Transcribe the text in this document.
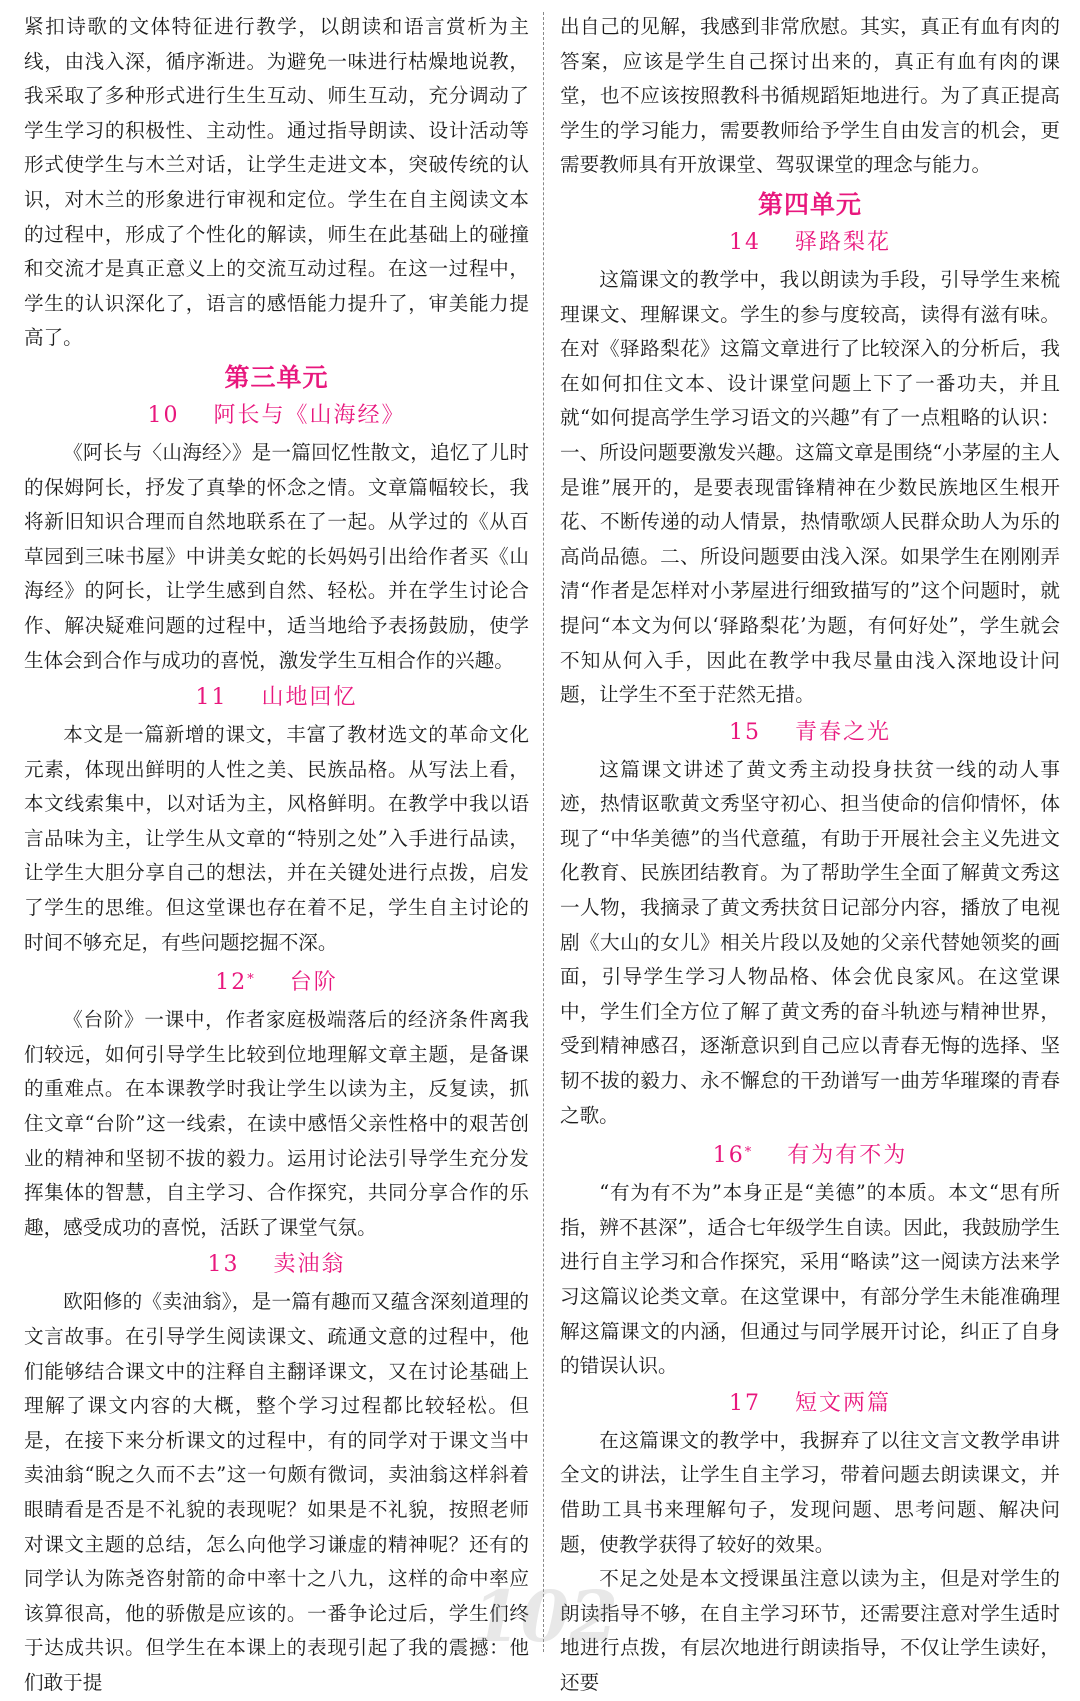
紧扣诗歌的文体特征进行教学，以朗读和语言赏析为主线，由浅入深，循序渐进。为避免一味进行枯燥地说教，我采取了多种形式进行生生互动、师生互动，充分调动了学生学习的积极性、主动性。通过指导朗读、设计活动等形式使学生与木兰对话，让学生走进文本，突破传统的认识，对木兰的形象进行审视和定位。学生在自主阅读文本的过程中，形成了个性化的解读，师生在此基础上的碰撞和交流才是真正意义上的交流互动过程。在这一过程中，学生的认识深化了，语言的感悟能力提升了，审美能力提高了。

第三单元
10 阿长与《山海经》

《阿长与〈山海经〉》是一篇回忆性散文，追忆了儿时的保姆阿长，抒发了真挚的怀念之情。文章篇幅较长，我将新旧知识合理而自然地联系在了一起。从学过的《从百草园到三味书屋》中讲美女蛇的长妈妈引出给作者买《山海经》的阿长，让学生感到自然、轻松。并在学生讨论合作、解决疑难问题的过程中，适当地给予表扬鼓励，使学生体会到合作与成功的喜悦，激发学生互相合作的兴趣。

11 山地回忆

本文是一篇新增的课文，丰富了教材选文的革命文化元素，体现出鲜明的人性之美、民族品格。从写法上看，本文线索集中，以对话为主，风格鲜明。在教学中我以语言品味为主，让学生从文章的“特别之处”入手进行品读，让学生大胆分享自己的想法，并在关键处进行点拨，启发了学生的思维。但这堂课也存在着不足，学生自主讨论的时间不够充足，有些问题挖掘不深。

12* 台阶

《台阶》一课中，作者家庭极端落后的经济条件离我们较远，如何引导学生比较到位地理解文章主题，是备课的重难点。在本课教学时我让学生以读为主，反复读，抓住文章“台阶”这一线索，在读中感悟父亲性格中的艰苦创业的精神和坚韧不拔的毅力。运用讨论法引导学生充分发挥集体的智慧，自主学习、合作探究，共同分享合作的乐趣，感受成功的喜悦，活跃了课堂气氛。

13 卖油翁

欧阳修的《卖油翁》，是一篇有趣而又蕴含深刻道理的文言故事。在引导学生阅读课文、疏通文意的过程中，他们能够结合课文中的注释自主翻译课文，又在讨论基础上理解了课文内容的大概，整个学习过程都比较轻松。但是，在接下来分析课文的过程中，有的同学对于课文当中卖油翁“睨之久而不去”这一句颇有微词，卖油翁这样斜着眼睛看是否是不礼貌的表现呢？如果是不礼貌，按照老师对课文主题的总结，怎么向他学习谦虚的精神呢？还有的同学认为陈尧咨射箭的命中率十之八九，这样的命中率应该算很高，他的骄傲是应该的。一番争论过后，学生们终于达成共识。但学生在本课上的表现引起了我的震撼：他们敢于提

出自己的见解，我感到非常欣慰。其实，真正有血有肉的答案，应该是学生自己探讨出来的，真正有血有肉的课堂，也不应该按照教科书循规蹈矩地进行。为了真正提高学生的学习能力，需要教师给予学生自由发言的机会，更需要教师具有开放课堂、驾驭课堂的理念与能力。

第四单元
14 驿路梨花

这篇课文的教学中，我以朗读为手段，引导学生来梳理课文、理解课文。学生的参与度较高，读得有滋有味。在对《驿路梨花》这篇文章进行了比较深入的分析后，我在如何扣住文本、设计课堂问题上下了一番功夫，并且就“如何提高学生学习语文的兴趣”有了一点粗略的认识：一、所设问题要激发兴趣。这篇文章是围绕“小茅屋的主人是谁”展开的，是要表现雷锋精神在少数民族地区生根开花、不断传递的动人情景，热情歌颂人民群众助人为乐的高尚品德。二、所设问题要由浅入深。如果学生在刚刚弄清“作者是怎样对小茅屋进行细致描写的”这个问题时，就提问“本文为何以‘驿路梨花’为题，有何好处”，学生就会不知从何入手，因此在教学中我尽量由浅入深地设计问题，让学生不至于茫然无措。

15 青春之光

这篇课文讲述了黄文秀主动投身扶贫一线的动人事迹，热情讴歌黄文秀坚守初心、担当使命的信仰情怀，体现了“中华美德”的当代意蕴，有助于开展社会主义先进文化教育、民族团结教育。为了帮助学生全面了解黄文秀这一人物，我摘录了黄文秀扶贫日记部分内容，播放了电视剧《大山的女儿》相关片段以及她的父亲代替她领奖的画面，引导学生学习人物品格、体会优良家风。在这堂课中，学生们全方位了解了黄文秀的奋斗轨迹与精神世界，受到精神感召，逐渐意识到自己应以青春无悔的选择、坚韧不拔的毅力、永不懈怠的干劲谱写一曲芳华璀璨的青春之歌。

16* 有为有不为

“有为有不为”本身正是“美德”的本质。本文“思有所指，辨不甚深”，适合七年级学生自读。因此，我鼓励学生进行自主学习和合作探究，采用“略读”这一阅读方法来学习这篇议论类文章。在这堂课中，有部分学生未能准确理解这篇课文的内涵，但通过与同学展开讨论，纠正了自身的错误认识。

17 短文两篇

在这篇课文的教学中，我摒弃了以往文言文教学串讲全文的讲法，让学生自主学习，带着问题去朗读课文，并借助工具书来理解句子，发现问题、思考问题、解决问题，使教学获得了较好的效果。

不足之处是本文授课虽注意以读为主，但是对学生的朗读指导不够，在自主学习环节，还需要注意对学生适时地进行点拨，有层次地进行朗读指导，不仅让学生读好，还要

102
